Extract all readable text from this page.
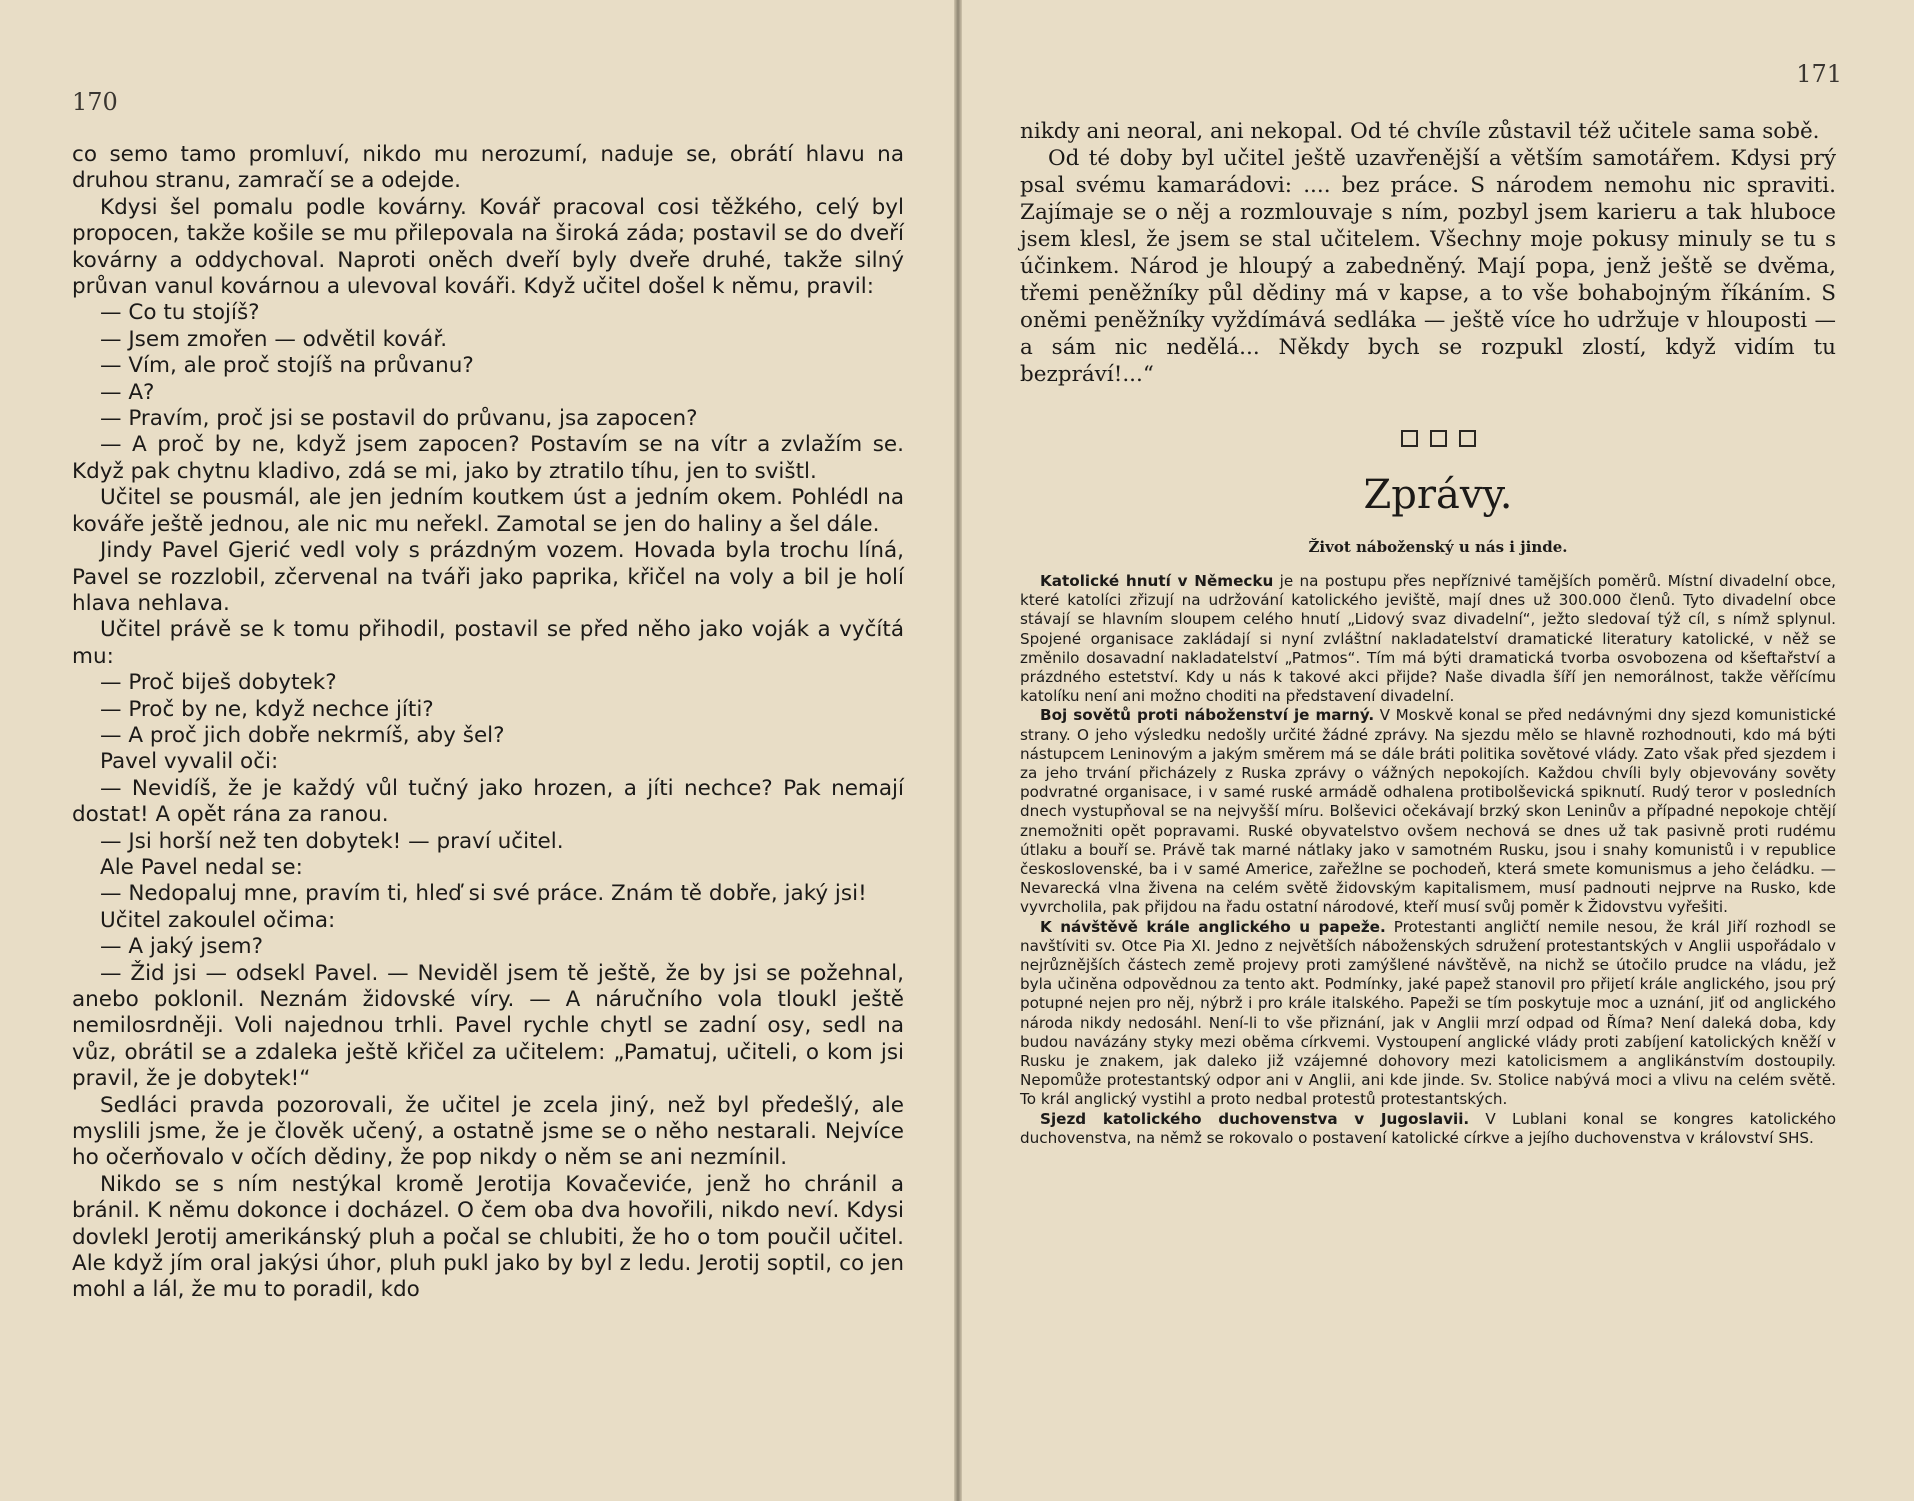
170

co semo tamo promluví, nikdo mu nerozumí, naduje se, obrátí hlavu na druhou stranu, zamračí se a odejde.

Kdysi šel pomalu podle kovárny. Kovář pracoval cosi těžkého, celý byl propocen, takže košile se mu přilepovala na široká záda; postavil se do dveří kovárny a oddychoval. Naproti oněch dveří byly dveře druhé, takže silný průvan vanul kovárnou a ulevoval kováři. Když učitel došel k němu, pravil:

— Co tu stojíš?

— Jsem zmořen — odvětil kovář.

— Vím, ale proč stojíš na průvanu?

— A?

— Pravím, proč jsi se postavil do průvanu, jsa zapocen?

— A proč by ne, když jsem zapocen? Postavím se na vítr a zvlažím se. Když pak chytnu kladivo, zdá se mi, jako by ztratilo tíhu, jen to svištl.

Učitel se pousmál, ale jen jedním koutkem úst a jedním okem. Pohlédl na kováře ještě jednou, ale nic mu neřekl. Zamotal se jen do haliny a šel dále.

Jindy Pavel Gjerić vedl voly s prázdným vozem. Hovada byla trochu líná, Pavel se rozzlobil, zčervenal na tváři jako paprika, křičel na voly a bil je holí hlava nehlava.

Učitel právě se k tomu přihodil, postavil se před něho jako voják a vyčítá mu:

— Proč biješ dobytek?

— Proč by ne, když nechce jíti?

— A proč jich dobře nekrmíš, aby šel?

Pavel vyvalil oči:

— Nevidíš, že je každý vůl tučný jako hrozen, a jíti nechce? Pak nemají dostat! A opět rána za ranou.

— Jsi horší než ten dobytek! — praví učitel.

Ale Pavel nedal se:

— Nedopaluj mne, pravím ti, hleď si své práce. Znám tě dobře, jaký jsi!

Učitel zakoulel očima:

— A jaký jsem?

— Žid jsi — odsekl Pavel. — Neviděl jsem tě ještě, že by jsi se požehnal, anebo poklonil. Neznám židovské víry. — A náručního vola tloukl ještě nemilosrdněji. Voli najednou trhli. Pavel rychle chytl se zadní osy, sedl na vůz, obrátil se a zdaleka ještě křičel za učitelem: „Pamatuj, učiteli, o kom jsi pravil, že je dobytek!“

Sedláci pravda pozorovali, že učitel je zcela jiný, než byl předešlý, ale myslili jsme, že je člověk učený, a ostatně jsme se o něho nestarali. Nejvíce ho očerňovalo v očích dědiny, že pop nikdy o něm se ani nezmínil.

Nikdo se s ním nestýkal kromě Jerotija Kovačeviće, jenž ho chránil a bránil. K němu dokonce i docházel. O čem oba dva hovořili, nikdo neví. Kdysi dovlekl Jerotij amerikánský pluh a počal se chlubiti, že ho o tom poučil učitel. Ale když jím oral jakýsi úhor, pluh pukl jako by byl z ledu. Jerotij soptil, co jen mohl a lál, že mu to poradil, kdo

171

nikdy ani neoral, ani nekopal. Od té chvíle zůstavil též učitele sama sobě.

Od té doby byl učitel ještě uzavřenější a větším samotářem. Kdysi prý psal svému kamarádovi: .... bez práce. S národem nemohu nic spraviti. Zajímaje se o něj a rozmlouvaje s ním, pozbyl jsem karieru a tak hluboce jsem klesl, že jsem se stal učitelem. Všechny moje pokusy minuly se tu s účinkem. Národ je hloupý a zabedněný. Mají popa, jenž ještě se dvěma, třemi peněžníky půl dědiny má v kapse, a to vše bohabojným říkáním. S oněmi peněžníky vyždímává sedláka — ještě více ho udržuje v hlouposti — a sám nic nedělá... Někdy bych se rozpukl zlostí, když vidím tu bezpráví!...“

Zprávy.
Život náboženský u nás i jinde.

Katolické hnutí v Německu je na postupu přes nepříznivé tamějších poměrů. Místní divadelní obce, které katolíci zřizují na udržování katolického jeviště, mají dnes už 300.000 členů. Tyto divadelní obce stávají se hlavním sloupem celého hnutí „Lidový svaz divadelní“, ježto sledovaí týž cíl, s nímž splynul. Spojené organisace zakládají si nyní zvláštní nakladatelství dramatické literatury katolické, v něž se změnilo dosavadní nakladatelství „Patmos“. Tím má býti dramatická tvorba osvobozena od kšeftařství a prázdného estetství. Kdy u nás k takové akci přijde? Naše divadla šíří jen nemorálnost, takže věřícímu katolíku není ani možno choditi na představení divadelní.

Boj sovětů proti náboženství je marný. V Moskvě konal se před nedávnými dny sjezd komunistické strany. O jeho výsledku nedošly určité žádné zprávy. Na sjezdu mělo se hlavně rozhodnouti, kdo má býti nástupcem Leninovým a jakým směrem má se dále bráti politika sovětové vlády. Zato však před sjezdem i za jeho trvání přicházely z Ruska zprávy o vážných nepokojích. Každou chvíli byly objevovány sověty podvratné organisace, i v samé ruské armádě odhalena protibolševická spiknutí. Rudý teror v posledních dnech vystupňoval se na nejvyšší míru. Bolševici očekávají brzký skon Leninův a případné nepokoje chtějí znemožniti opět popravami. Ruské obyvatelstvo ovšem nechová se dnes už tak pasivně proti rudému útlaku a bouří se. Právě tak marné nátlaky jako v samotném Rusku, jsou i snahy komunistů i v republice československé, ba i v samé Americe, zařežlne se pochodeň, která smete komunismus a jeho čeládku. — Nevarecká vlna živena na celém světě židovským kapitalismem, musí padnouti nejprve na Rusko, kde vyvrcholila, pak přijdou na řadu ostatní národové, kteří musí svůj poměr k Židovstvu vyřešiti.

K návštěvě krále anglického u papeže. Protestanti angličtí nemile nesou, že král Jiří rozhodl se navštíviti sv. Otce Pia XI. Jedno z největších náboženských sdružení protestantských v Anglii uspořádalo v nejrůznějších částech země projevy proti zamýšlené návštěvě, na nichž se útočilo prudce na vládu, jež byla učiněna odpovědnou za tento akt. Podmínky, jaké papež stanovil pro přijetí krále anglického, jsou prý potupné nejen pro něj, nýbrž i pro krále italského. Papeži se tím poskytuje moc a uznání, jiť od anglického národa nikdy nedosáhl. Není-li to vše přiznání, jak v Anglii mrzí odpad od Říma? Není daleká doba, kdy budou navázány styky mezi oběma církvemi. Vystoupení anglické vlády proti zabíjení katolických kněží v Rusku je znakem, jak daleko již vzájemné dohovory mezi katolicismem a anglikánstvím dostoupily. Nepomůže protestantský odpor ani v Anglii, ani kde jinde. Sv. Stolice nabývá moci a vlivu na celém světě. To král anglický vystihl a proto nedbal protestů protestantských.

Sjezd katolického duchovenstva v Jugoslavii. V Lublani konal se kongres katolického duchovenstva, na němž se rokovalo o postavení katolické církve a jejího duchovenstva v království SHS.
